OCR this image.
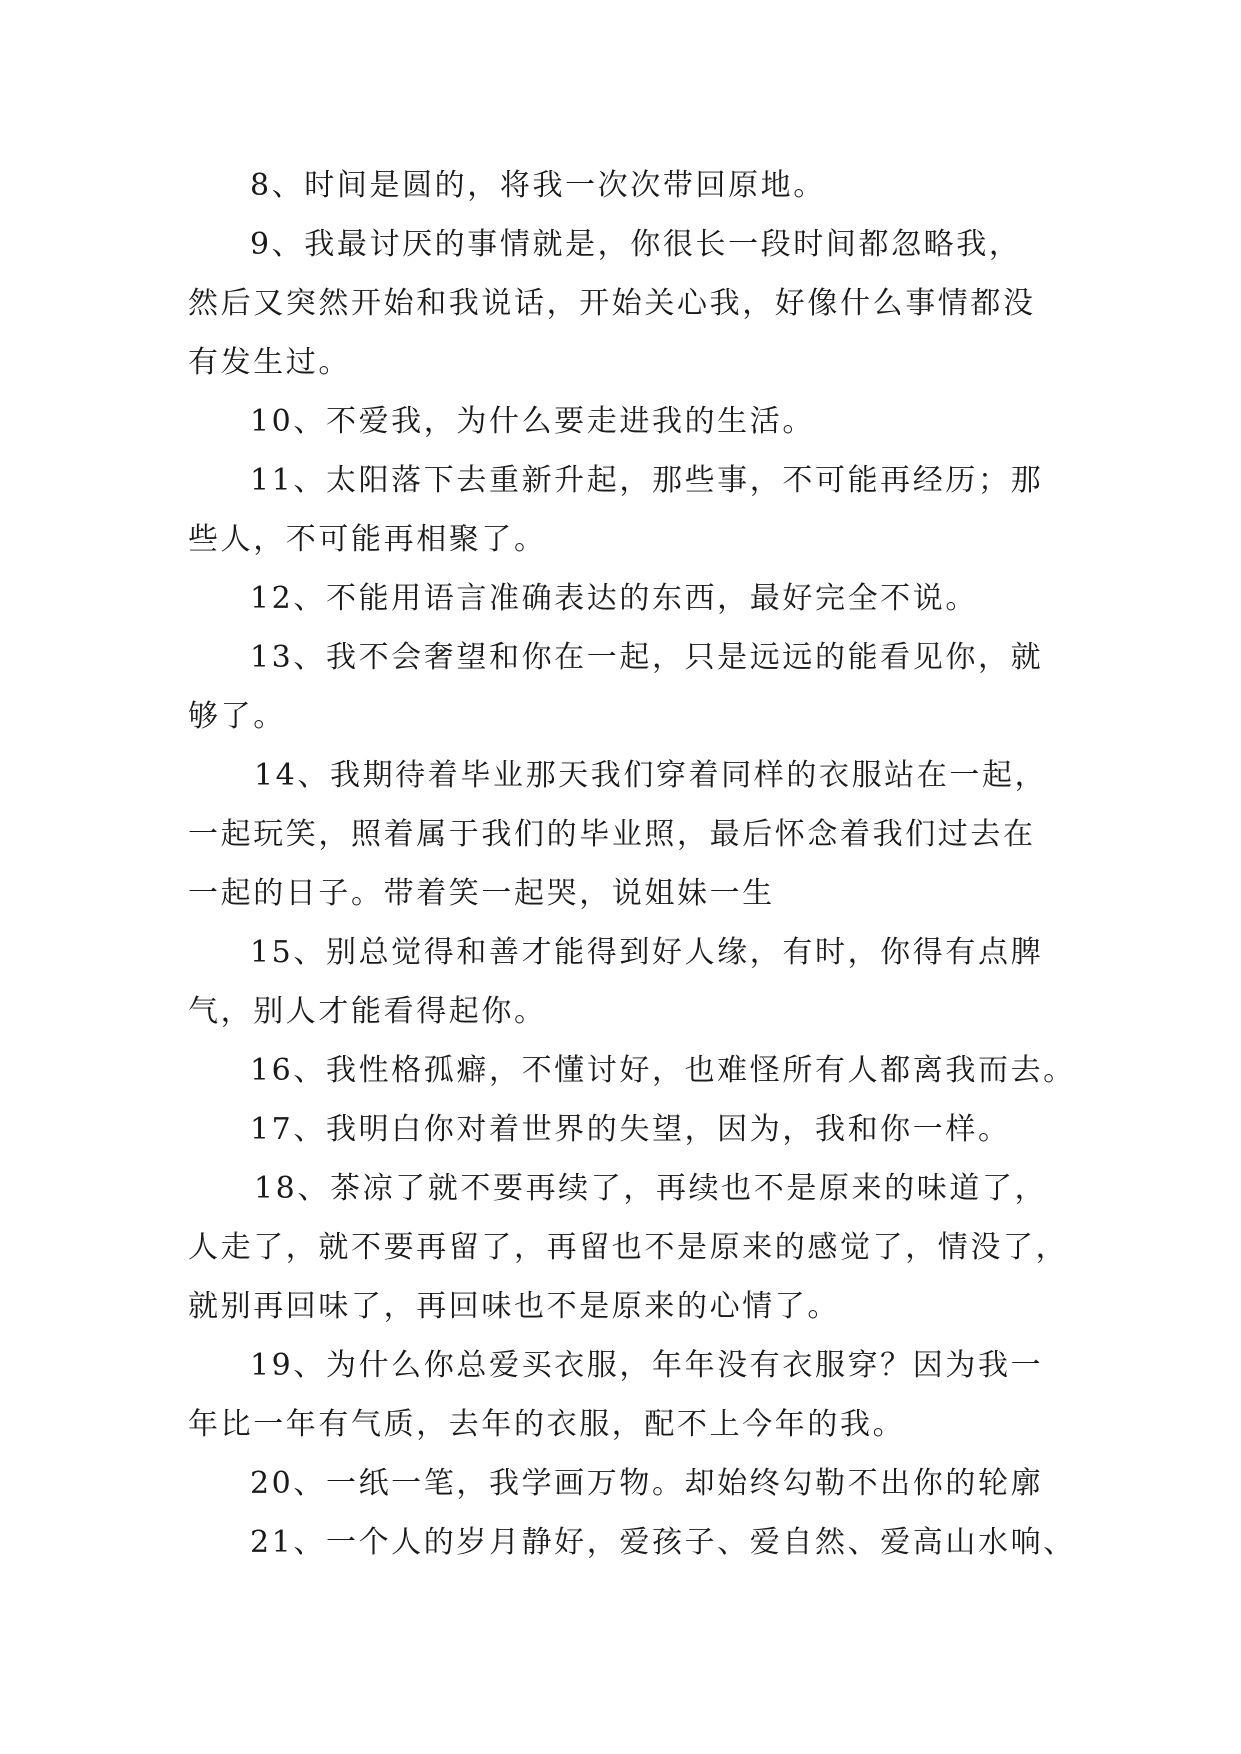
8、时间是圆的，将我一次次带回原地。
9、我最讨厌的事情就是，你很长一段时间都忽略我，
然后又突然开始和我说话，开始关心我，好像什么事情都没
有发生过。
10、不爱我，为什么要走进我的生活。
11、太阳落下去重新升起，那些事，不可能再经历；那
些人，不可能再相聚了。
12、不能用语言准确表达的东西，最好完全不说。
13、我不会奢望和你在一起，只是远远的能看见你，就
够了。
14、我期待着毕业那天我们穿着同样的衣服站在一起，
一起玩笑，照着属于我们的毕业照，最后怀念着我们过去在
一起的日子。带着笑一起哭，说姐妹一生
15、别总觉得和善才能得到好人缘，有时，你得有点脾
气，别人才能看得起你。
16、我性格孤癖，不懂讨好，也难怪所有人都离我而去。
17、我明白你对着世界的失望，因为，我和你一样。
18、茶凉了就不要再续了，再续也不是原来的味道了，
人走了，就不要再留了，再留也不是原来的感觉了，情没了，
就别再回味了，再回味也不是原来的心情了。
19、为什么你总爱买衣服，年年没有衣服穿？因为我一
年比一年有气质，去年的衣服，配不上今年的我。
20、一纸一笔，我学画万物。却始终勾勒不出你的轮廓
21、一个人的岁月静好，爱孩子、爱自然、爱高山水响、
